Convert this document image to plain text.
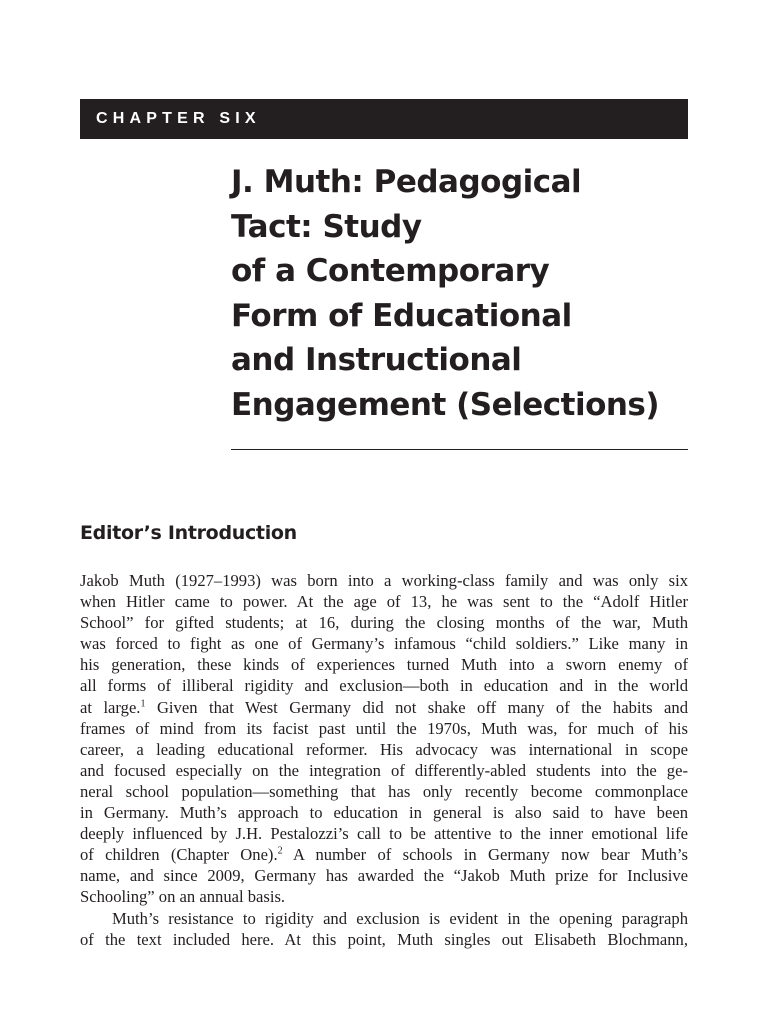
CHAPTER SIX
J. Muth: Pedagogical
Tact: Study
of a Contemporary
Form of Educational
and Instructional
Engagement (Selections)
Editor’s Introduction
Jakob Muth (1927–1993) was born into a working-class family and was only six
when Hitler came to power. At the age of 13, he was sent to the “Adolf Hitler
School” for gifted students; at 16, during the closing months of the war, Muth
was forced to fight as one of Germany’s infamous “child soldiers.” Like many in
his generation, these kinds of experiences turned Muth into a sworn enemy of
all forms of illiberal rigidity and exclusion—both in education and in the world
at large.$^1$ Given that West Germany did not shake off many of the habits and
frames of mind from its facist past until the 1970s, Muth was, for much of his
career, a leading educational reformer. His advocacy was international in scope
and focused especially on the integration of differently-abled students into the ge-
neral school population—something that has only recently become commonplace
in Germany. Muth’s approach to education in general is also said to have been
deeply influenced by J.H. Pestalozzi’s call to be attentive to the inner emotional life
of children (Chapter One).$^2$ A number of schools in Germany now bear Muth’s
name, and since 2009, Germany has awarded the “Jakob Muth prize for Inclusive
Schooling” on an annual basis.
Muth’s resistance to rigidity and exclusion is evident in the opening paragraph
of the text included here. At this point, Muth singles out Elisabeth Blochmann,
